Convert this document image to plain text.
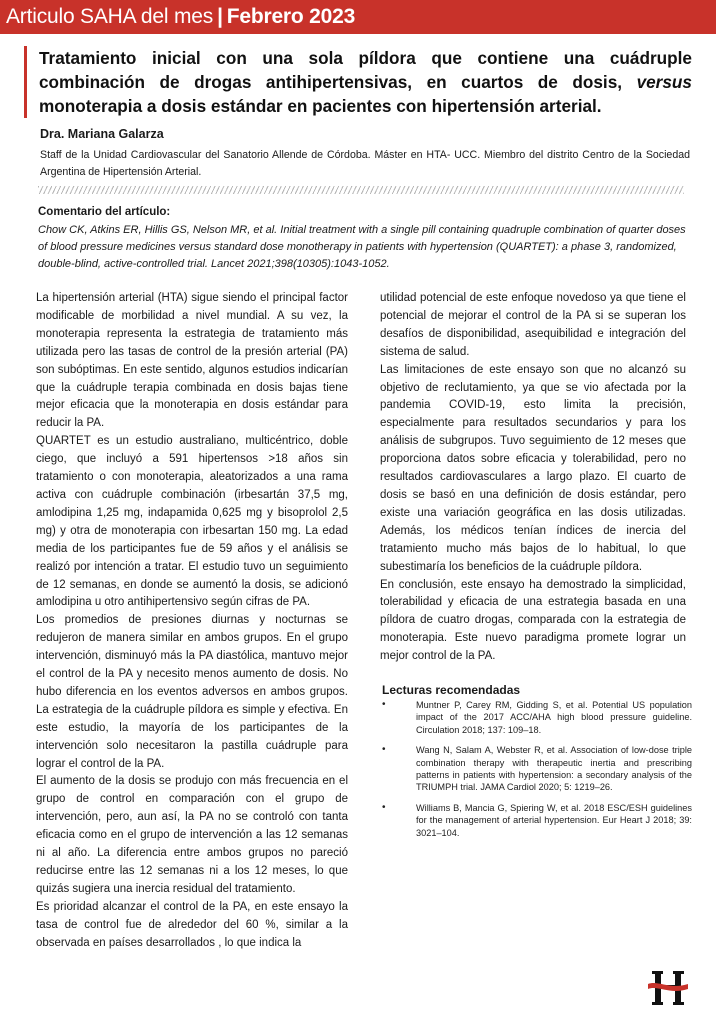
Articulo SAHA del mes | Febrero 2023
Tratamiento inicial con una sola píldora que contiene una cuádruple combinación de drogas antihipertensivas, en cuartos de dosis, versus monoterapia a dosis estándar en pacientes con hipertensión arterial.
Dra. Mariana Galarza
Staff de la Unidad Cardiovascular del Sanatorio Allende de Córdoba. Máster en HTA- UCC. Miembro del distrito Centro de la Sociedad Argentina de Hipertensión Arterial.
Comentario del artículo:
Chow CK, Atkins ER, Hillis GS, Nelson MR, et al. Initial treatment with a single pill containing quadruple combination of quarter doses of blood pressure medicines versus standard dose monotherapy in patients with hypertension (QUARTET): a phase 3, randomized, double-blind, active-controlled trial. Lancet 2021;398(10305):1043-1052.

La hipertensión arterial (HTA) sigue siendo el principal factor modificable de morbilidad a nivel mundial. A su vez, la monoterapia representa la estrategia de tratamiento más utilizada pero las tasas de control de la presión arterial (PA) son subóptimas. En este sentido, algunos estudios indicarían que la cuádruple terapia combinada en dosis bajas tiene mejor eficacia que la monoterapia en dosis estándar para reducir la PA.

QUARTET es un estudio australiano, multicéntrico, doble ciego, que incluyó a 591 hipertensos >18 años sin tratamiento o con monoterapia, aleatorizados a una rama activa con cuádruple combinación (irbesartán 37,5 mg, amlodipina 1,25 mg, indapamida 0,625 mg y bisoprolol 2,5 mg) y otra de monoterapia con irbesartan 150 mg. La edad media de los participantes fue de 59 años y el análisis se realizó por intención a tratar. El estudio tuvo un seguimiento de 12 semanas, en donde se aumentó la dosis, se adicionó amlodipina u otro antihipertensivo según cifras de PA.

Los promedios de presiones diurnas y nocturnas se redujeron de manera similar en ambos grupos. En el grupo intervención, disminuyó más la PA diastólica, mantuvo mejor el control de la PA y necesito menos aumento de dosis. No hubo diferencia en los eventos adversos en ambos grupos. La estrategia de la cuádruple píldora es simple y efectiva. En este estudio, la mayoría de los participantes de la intervención solo necesitaron la pastilla cuádruple para lograr el control de la PA.

El aumento de la dosis se produjo con más frecuencia en el grupo de control en comparación con el grupo de intervención, pero, aun así, la PA no se controló con tanta eficacia como en el grupo de intervención a las 12 semanas ni al año. La diferencia entre ambos grupos no pareció reducirse entre las 12 semanas ni a los 12 meses, lo que quizás sugiera una inercia residual del tratamiento.

Es prioridad alcanzar el control de la PA, en este ensayo la tasa de control fue de alrededor del 60 %, similar a la observada en países desarrollados , lo que indica la

utilidad potencial de este enfoque novedoso ya que tiene el potencial de mejorar el control de la PA si se superan los desafíos de disponibilidad, asequibilidad e integración del sistema de salud.

Las limitaciones de este ensayo son que no alcanzó su objetivo de reclutamiento, ya que se vio afectada por la pandemia COVID-19, esto limita la precisión, especialmente para resultados secundarios y para los análisis de subgrupos. Tuvo seguimiento de 12 meses que proporciona datos sobre eficacia y tolerabilidad, pero no resultados cardiovasculares a largo plazo. El cuarto de dosis se basó en una definición de dosis estándar, pero existe una variación geográfica en las dosis utilizadas. Además, los médicos tenían índices de inercia del tratamiento mucho más bajos de lo habitual, lo que subestimaría los beneficios de la cuádruple píldora.

En conclusión, este ensayo ha demostrado la simplicidad, tolerabilidad y eficacia de una estrategia basada en una píldora de cuatro drogas, comparada con la estrategia de monoterapia. Este nuevo paradigma promete lograr un mejor control de la PA.

Lecturas recomendadas
• Muntner P, Carey RM, Gidding S, et al. Potential US population impact of the 2017 ACC/AHA high blood pressure guideline. Circulation 2018; 137: 109–18.
• Wang N, Salam A, Webster R, et al. Association of low-dose triple combination therapy with therapeutic inertia and prescribing patterns in patients with hypertension: a secondary analysis of the TRIUMPH trial. JAMA Cardiol 2020; 5: 1219–26.
• Williams B, Mancia G, Spiering W, et al. 2018 ESC/ESH guidelines for the management of arterial hypertension. Eur Heart J 2018; 39: 3021–104.
